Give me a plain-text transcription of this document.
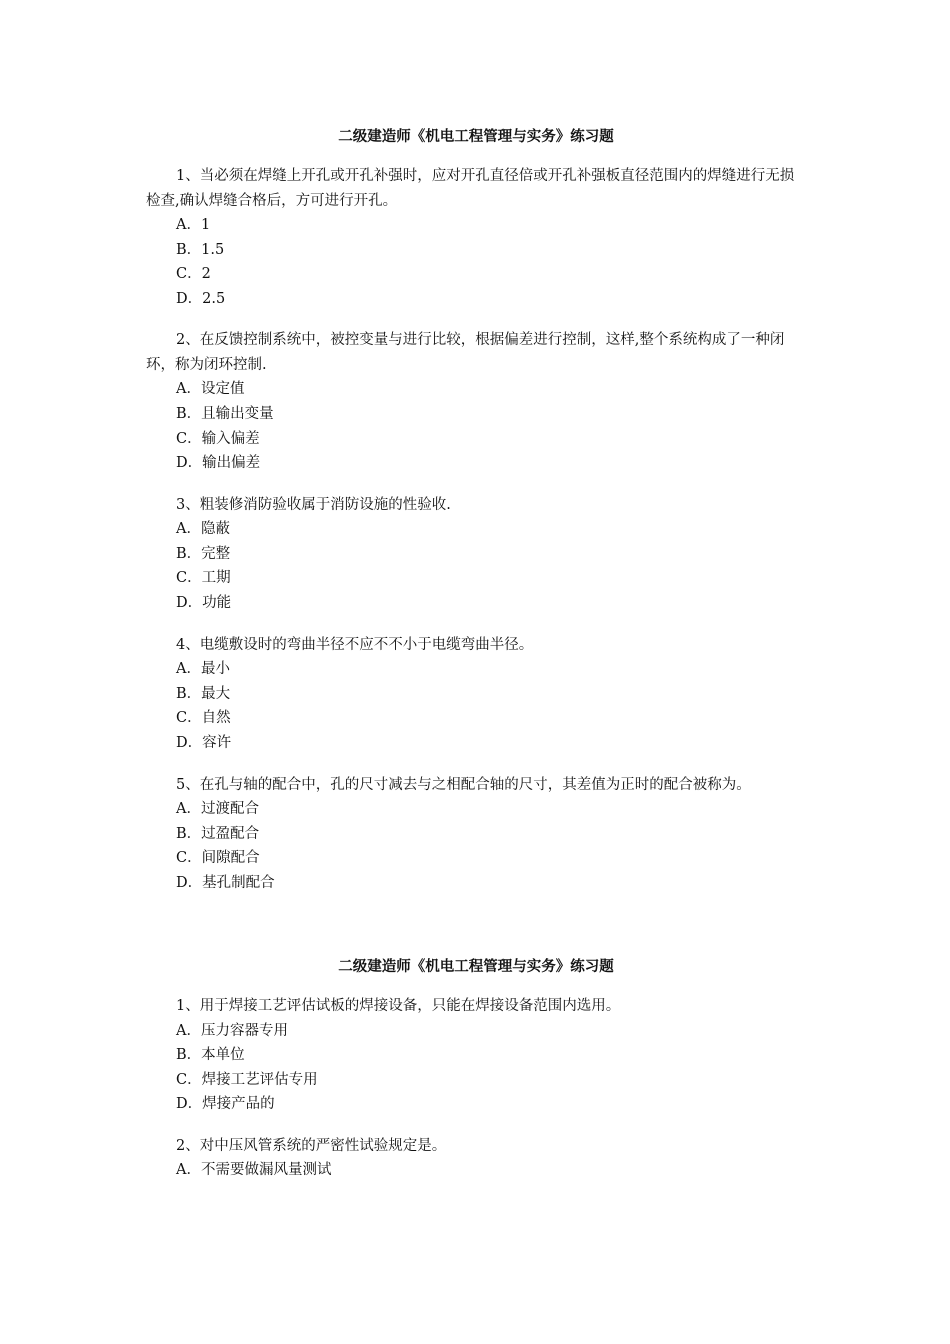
二级建造师《机电工程管理与实务》练习题

1、当必须在焊缝上开孔或开孔补强时，应对开孔直径倍或开孔补强板直径范围内的焊缝进行无损检查,确认焊缝合格后，方可进行开孔。

A．1

B．1.5

C．2

D．2.5

2、在反馈控制系统中，被控变量与进行比较，根据偏差进行控制，这样,整个系统构成了一种闭环，称为闭环控制.

A．设定值

B．且输出变量

C．输入偏差

D．输出偏差

3、粗装修消防验收属于消防设施的性验收.

A．隐蔽

B．完整

C．工期

D．功能

4、电缆敷设时的弯曲半径不应不不小于电缆弯曲半径。

A．最小

B．最大

C．自然

D．容许

5、在孔与轴的配合中，孔的尺寸减去与之相配合轴的尺寸，其差值为正时的配合被称为。

A．过渡配合

B．过盈配合

C．间隙配合

D．基孔制配合

二级建造师《机电工程管理与实务》练习题

1、用于焊接工艺评估试板的焊接设备，只能在焊接设备范围内选用。

A．压力容器专用

B．本单位

C．焊接工艺评估专用

D．焊接产品的

2、对中压风管系统的严密性试验规定是。

A．不需要做漏风量测试
